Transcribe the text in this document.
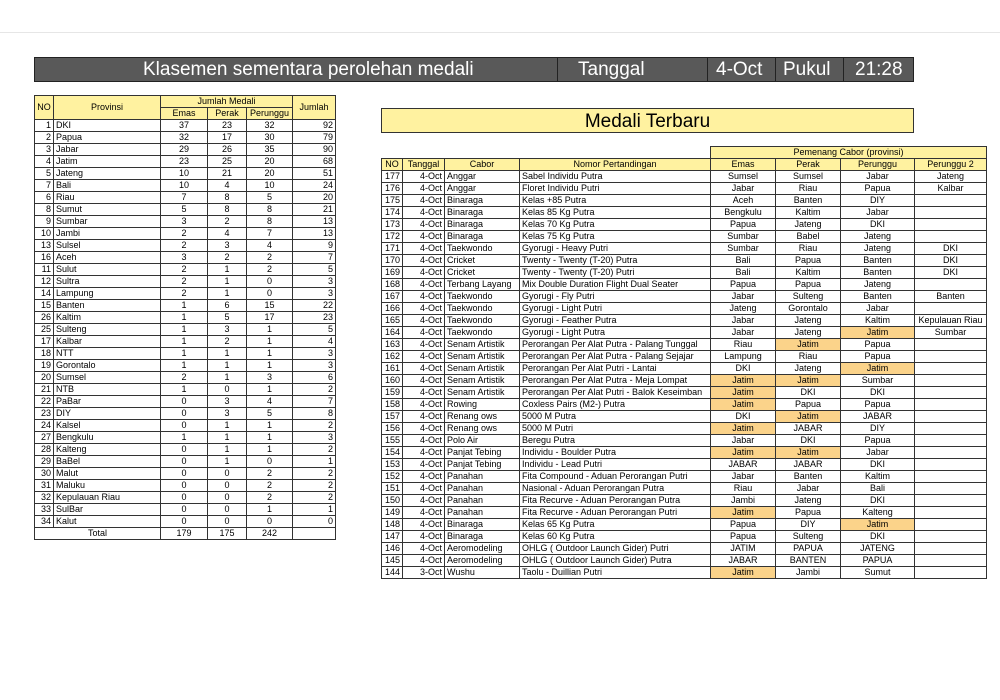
Klasemen sementara perolehan medali	Tanggal	4-Oct Pukul 21:28
NO	Provinsi	Jumlah Medali			Jumlah
		Emas	Perak	Perunggu	
1	DKI	37	23	32	92
2	Papua	32	17	30	79
3	Jabar	29	26	35	90
4	Jatim	23	25	20	68
5	Jateng	10	21	20	51
7	Bali	10	4	10	24
6	Riau	7	8	5	20
8	Sumut	5	8	8	21
9	Sumbar	3	2	8	13
10	Jambi	2	4	7	13
13	Sulsel	2	3	4	9
16	Aceh	3	2	2	7
11	Sulut	2	1	2	5
12	Sultra	2	1	0	3
14	Lampung	2	1	0	3
15	Banten	1	6	15	22
26	Kaltim	1	5	17	23
25	Sulteng	1	3	1	5
17	Kalbar	1	2	1	4
18	NTT	1	1	1	3
19	Gorontalo	1	1	1	3
20	Sumsel	2	1	3	6
21	NTB	1	0	1	2
22	PaBar	0	3	4	7
23	DIY	0	3	5	8
24	Kalsel	0	1	1	2
27	Bengkulu	1	1	1	3
28	Kalteng	0	1	1	2
29	BaBel	0	1	0	1
30	Malut	0	0	2	2
31	Maluku	0	0	2	2
32	Kepulauan Riau	0	0	2	2
33	SulBar	0	0	1	1
34	Kalut	0	0	0	0
Total		179	175	242	
Medali Terbaru
				Pemenang Cabor (provinsi)			
NO	Tanggal	Cabor	Nomor Pertandingan	Emas	Perak	Perunggu	Perunggu 2
177	4-Oct	Anggar	Sabel Individu Putra	Sumsel	Sumsel	Jabar	Jateng
176	4-Oct	Anggar	Floret Individu Putri	Jabar	Riau	Papua	Kalbar
175	4-Oct	Binaraga	Kelas +85 Putra	Aceh	Banten	DIY	
174	4-Oct	Binaraga	Kelas 85 Kg Putra	Bengkulu	Kaltim	Jabar	
173	4-Oct	Binaraga	Kelas 70 Kg Putra	Papua	Jateng	DKI	
172	4-Oct	Binaraga	Kelas 75 Kg Putra	Sumbar	Babel	Jateng	
171	4-Oct	Taekwondo	Gyorugi - Heavy Putri	Sumbar	Riau	Jateng	DKI
170	4-Oct	Cricket	Twenty - Twenty (T-20) Putra	Bali	Papua	Banten	DKI
169	4-Oct	Cricket	Twenty - Twenty (T-20) Putri	Bali	Kaltim	Banten	DKI
168	4-Oct	Terbang Layang	Mix Double Duration Flight Dual Seater	Papua	Papua	Jateng	
167	4-Oct	Taekwondo	Gyorugi - Fly Putri	Jabar	Sulteng	Banten	Banten
166	4-Oct	Taekwondo	Gyorugi - Light Putri	Jateng	Gorontalo	Jabar	
165	4-Oct	Taekwondo	Gyorugi - Feather Putra	Jabar	Jateng	Kaltim	Kepulauan Riau
164	4-Oct	Taekwondo	Gyorugi - Light Putra	Jabar	Jateng	Jatim	Sumbar
163	4-Oct	Senam Artistik	Perorangan Per Alat Putra - Palang Tunggal	Riau	Jatim	Papua	
162	4-Oct	Senam Artistik	Perorangan Per Alat Putra - Palang Sejajar	Lampung	Riau	Papua	
161	4-Oct	Senam Artistik	Perorangan Per Alat Putri - Lantai	DKI	Jateng	Jatim	
160	4-Oct	Senam Artistik	Perorangan Per Alat Putra - Meja Lompat	Jatim	Jatim	Sumbar	
159	4-Oct	Senam Artistik	Perorangan Per Alat Putri - Balok Keseimban	Jatim	DKI	DKI	
158	4-Oct	Rowing	Coxless Pairs (M2-) Putra	Jatim	Papua	Papua	
157	4-Oct	Renang ows	5000 M Putra	DKI	Jatim	JABAR	
156	4-Oct	Renang ows	5000 M Putri	Jatim	JABAR	DIY	
155	4-Oct	Polo Air	Beregu Putra	Jabar	DKI	Papua	
154	4-Oct	Panjat Tebing	Individu - Boulder Putra	Jatim	Jatim	Jabar	
153	4-Oct	Panjat Tebing	Individu - Lead Putri	JABAR	JABAR	DKI	
152	4-Oct	Panahan	Fita Compound - Aduan Perorangan Putri	Jabar	Banten	Kaltim	
151	4-Oct	Panahan	Nasional - Aduan Perorangan Putra	Riau	Jabar	Bali	
150	4-Oct	Panahan	Fita Recurve - Aduan Perorangan Putra	Jambi	Jateng	DKI	
149	4-Oct	Panahan	Fita Recurve - Aduan Perorangan Putri	Jatim	Papua	Kalteng	
148	4-Oct	Binaraga	Kelas 65 Kg Putra	Papua	DIY	Jatim	
147	4-Oct	Binaraga	Kelas 60 Kg Putra	Papua	Sulteng	DKI	
146	4-Oct	Aeromodeling	OHLG ( Outdoor Launch Gider) Putri	JATIM	PAPUA	JATENG	
145	4-Oct	Aeromodeling	OHLG ( Outdoor Launch Gider) Putra	JABAR	BANTEN	PAPUA	
144	3-Oct	Wushu	Taolu - Duillian Putri	Jatim	Jambi	Sumut	
